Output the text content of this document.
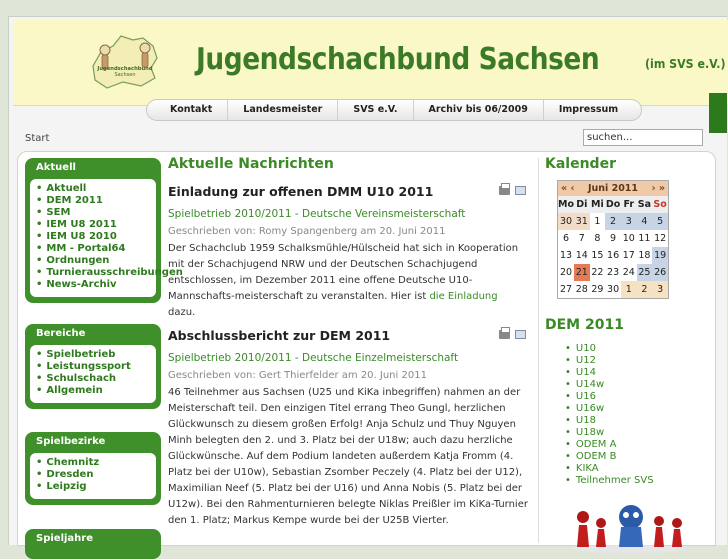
Jugendschachbund
Sachsen Jugendschachbund Sachsen	(im SVS e.V.)
Kontakt	Landesmeister	SVS e.V.	Archiv bis 06/2009	Impressum
Start
suchen...
Aktuell
• Aktuell
• DEM 2011
• SEM
• IEM U8 2011
• IEM U8 2010
• MM - Portal64
• Ordnungen
• Turnierausschreibungen
• News-Archiv
Bereiche
• Spielbetrieb
• Leistungssport
• Schulschach
• Allgemein
Spielbezirke
• Chemnitz
• Dresden
• Leipzig
Spieljahre
Aktuelle Nachrichten
Einladung zur offenen DMM U10 2011
Spielbetrieb 2010/2011 - Deutsche Vereinsmeisterschaft
Geschrieben von: Romy Spangenberg am 20. Juni 2011
Der Schachclub 1959 Schalksmühle/Hülscheid hat sich in Kooperation mit der Schachjugend NRW und der Deutschen Schachjugend entschlossen, im Dezember 2011 eine offene Deutsche U10-Mannschafts-meisterschaft zu veranstalten. Hier ist die Einladung dazu.
Abschlussbericht zur DEM 2011
Spielbetrieb 2010/2011 - Deutsche Einzelmeisterschaft
Geschrieben von: Gert Thierfelder am 20. Juni 2011
46 Teilnehmer aus Sachsen (U25 und KiKa inbegriffen) nahmen an der Meisterschaft teil. Den einzigen Titel errang Theo Gungl, herzlichen Glückwunsch zu diesem großen Erfolg! Anja Schulz und Thuy Nguyen Minh belegten den 2. und 3. Platz bei der U18w; auch dazu herzliche Glückwünsche. Auf dem Podium landeten außerdem Katja Fromm (4. Platz bei der U10w), Sebastian Zsomber Peczely (4. Platz bei der U12), Maximilian Neef (5. Platz bei der U16) und Anna Nobis (5. Platz bei der U12w). Bei den Rahmenturnieren belegte Niklas Preißler im KiKa-Turnier den 1. Platz; Markus Kempe wurde bei der U25B Vierter.
Kalender
« ‹ Juni 2011 › »
Mo	Di	Mi	Do	Fr	Sa	So
30	31	1	2	3	4	5
6	7	8	9	10	11	12
13	14	15	16	17	18	19
20	21	22	23	24	25	26
27	28	29	30	1	2	3
DEM 2011
• U10
• U12
• U14
• U14w
• U16
• U16w
• U18
• U18w
• ODEM A
• ODEM B
• KIKA
• Teilnehmer SVS
